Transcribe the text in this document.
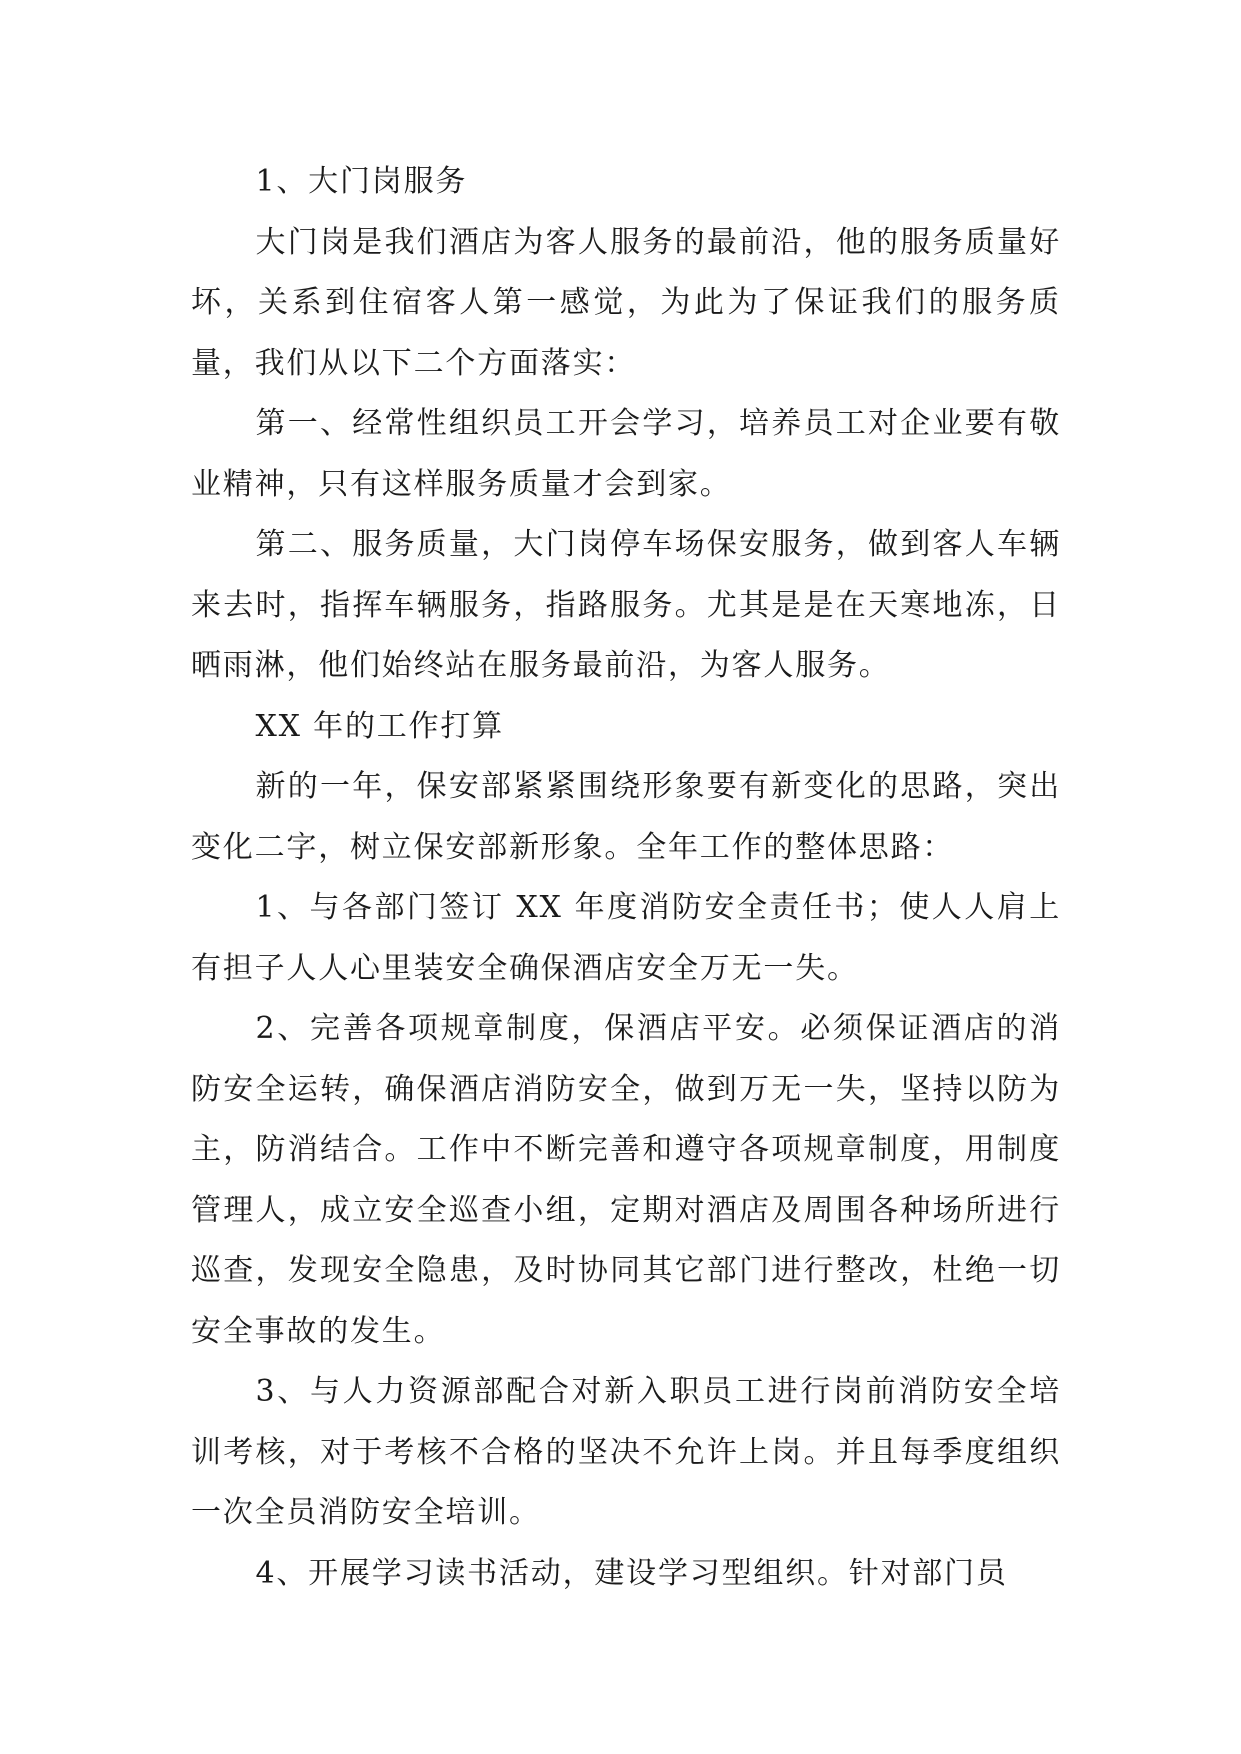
1、大门岗服务

大门岗是我们酒店为客人服务的最前沿，他的服务质量好坏，关系到住宿客人第一感觉，为此为了保证我们的服务质量，我们从以下二个方面落实：

第一、经常性组织员工开会学习，培养员工对企业要有敬业精神，只有这样服务质量才会到家。

第二、服务质量，大门岗停车场保安服务，做到客人车辆来去时，指挥车辆服务，指路服务。尤其是是在天寒地冻，日晒雨淋，他们始终站在服务最前沿，为客人服务。

XX 年的工作打算

新的一年，保安部紧紧围绕形象要有新变化的思路，突出变化二字，树立保安部新形象。全年工作的整体思路：

1、与各部门签订 XX 年度消防安全责任书；使人人肩上有担子人人心里装安全确保酒店安全万无一失。

2、完善各项规章制度，保酒店平安。必须保证酒店的消防安全运转，确保酒店消防安全，做到万无一失，坚持以防为主，防消结合。工作中不断完善和遵守各项规章制度，用制度管理人，成立安全巡查小组，定期对酒店及周围各种场所进行巡查，发现安全隐患，及时协同其它部门进行整改，杜绝一切安全事故的发生。

3、与人力资源部配合对新入职员工进行岗前消防安全培训考核，对于考核不合格的坚决不允许上岗。并且每季度组织一次全员消防安全培训。

4、开展学习读书活动，建设学习型组织。针对部门员
